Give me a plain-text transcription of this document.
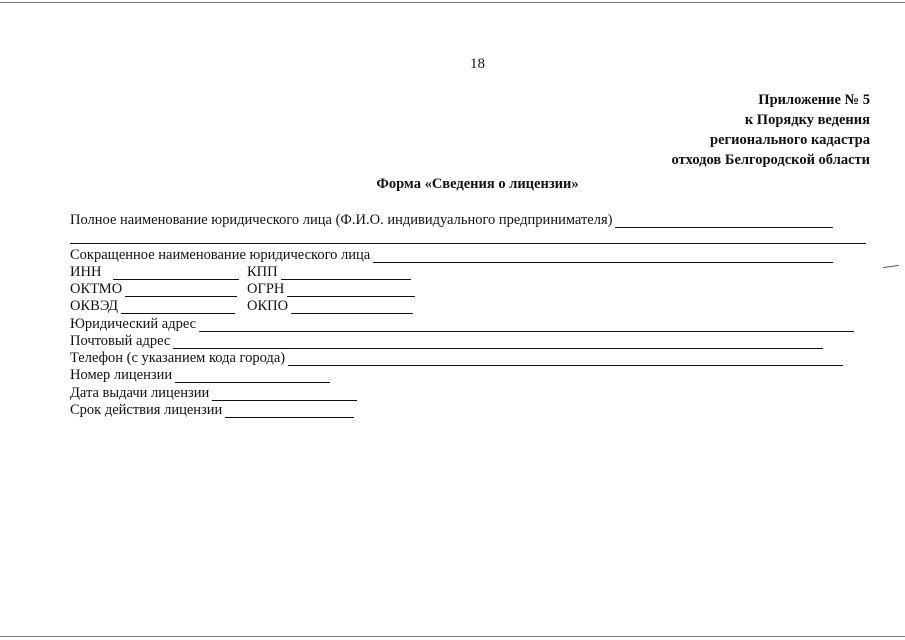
18
Приложение № 5
к Порядку ведения
регионального кадастра
отходов Белгородской области
Форма «Сведения о лицензии»
Полное наименование юридического лица (Ф.И.О. индивидуального предпринимателя)
Сокращенное наименование юридического лица
ИНН	КПП
ОКТМО	ОГРН
ОКВЭД	ОКПО
Юридический адрес
Почтовый адрес
Телефон (с указанием кода города)
Номер лицензии
Дата выдачи лицензии
Срок действия лицензии
